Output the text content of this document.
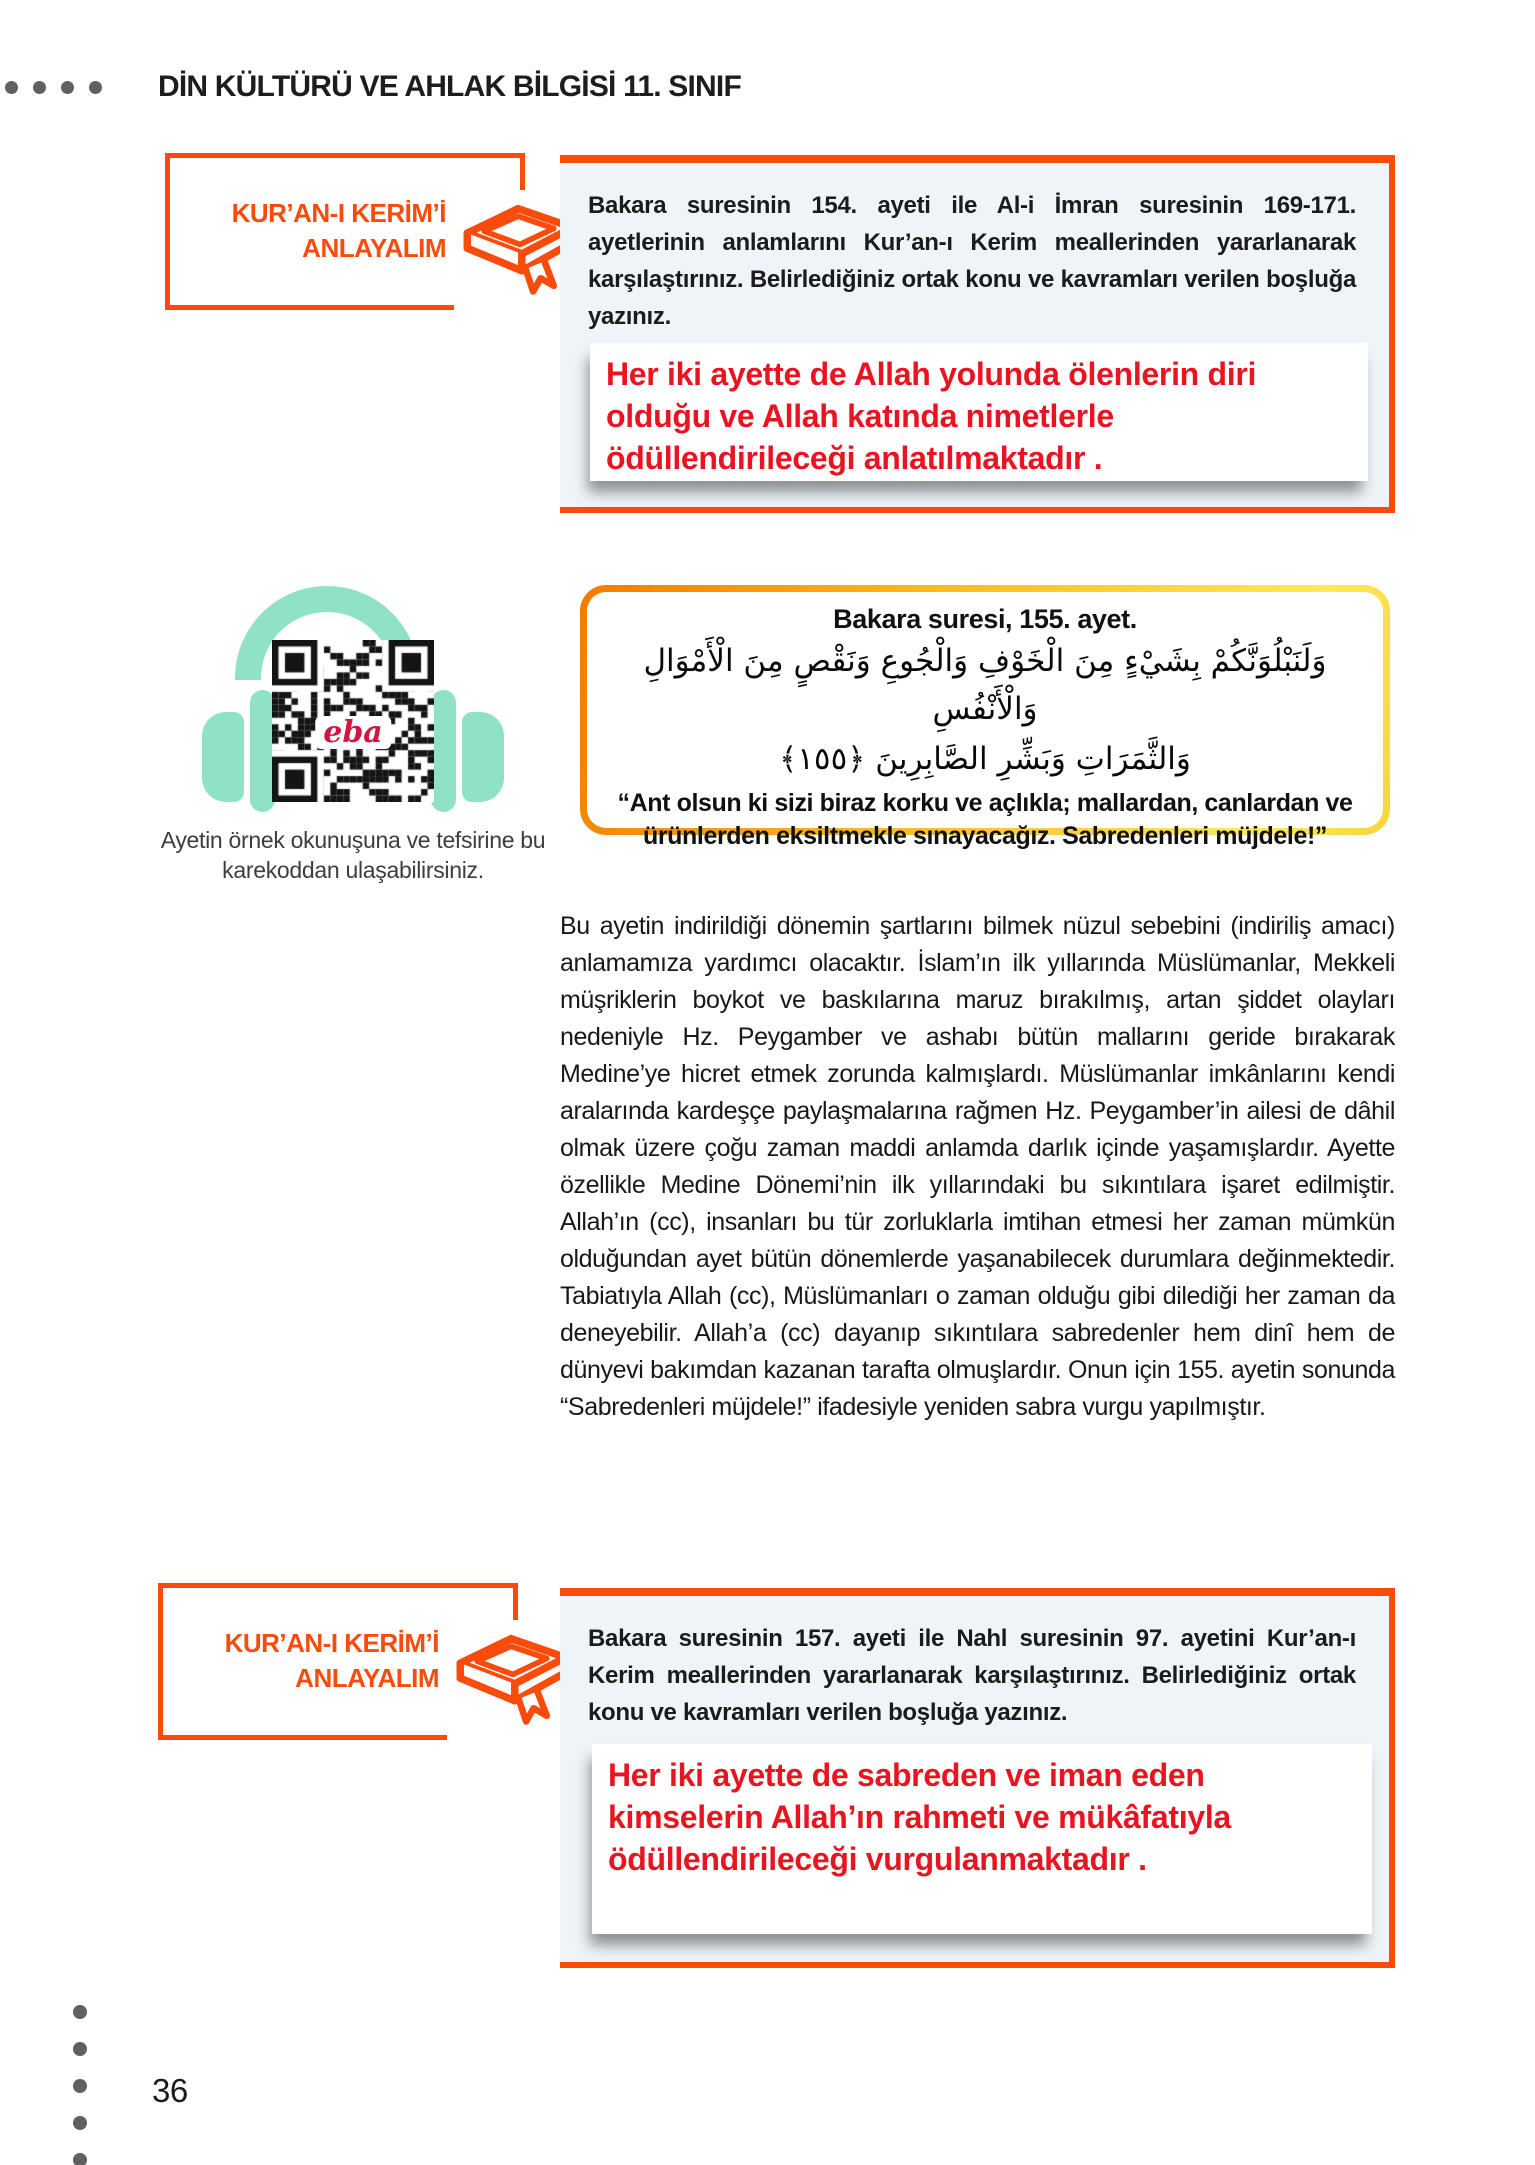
DİN KÜLTÜRÜ VE AHLAK BİLGİSİ 11. SINIF
KUR’AN-I KERİM’İ
ANLAYALIM
Bakara suresinin 154. ayeti ile Al-i İmran suresinin 169-171. ayetlerinin anlamlarını Kur’an-ı Kerim meallerinden yararlanarak karşılaştırınız. Belirlediğiniz ortak konu ve kavramları verilen boşluğa yazınız.
Her iki ayette de Allah yolunda ölenlerin diri olduğu ve Allah katında nimetlerle ödüllendirileceği anlatılmaktadır .
eba
Ayetin örnek okunuşuna ve tefsirine bu karekoddan ulaşabilirsiniz.
Bakara suresi, 155. ayet.
وَلَنَبْلُوَنَّكُمْ بِشَيْءٍ مِنَ الْخَوْفِ وَالْجُوعِ وَنَقْصٍ مِنَ الْأَمْوَالِ وَالْأَنْفُسِ
وَالثَّمَرَاتِ وَبَشِّرِ الصَّابِرِينَ ﴿١٥٥﴾
“Ant olsun ki sizi biraz korku ve açlıkla; mallardan, canlardan ve ürünlerden eksiltmekle sınayacağız. Sabredenleri müjdele!”
Bu ayetin indirildiği dönemin şartlarını bilmek nüzul sebebini (indiriliş amacı) anlamamıza yardımcı olacaktır. İslam’ın ilk yıllarında Müslümanlar, Mekkeli müşriklerin boykot ve baskılarına maruz bırakılmış, artan şiddet olayları nedeniyle Hz. Peygamber ve ashabı bütün mallarını geride bırakarak Medine’ye hicret etmek zorunda kalmışlardı. Müslümanlar imkânlarını kendi aralarında kardeşçe paylaşmalarına rağmen Hz. Peygamber’in ailesi de dâhil olmak üzere çoğu zaman maddi anlamda darlık içinde yaşamışlardır. Ayette özellikle Medine Dönemi’nin ilk yıllarındaki bu sıkıntılara işaret edilmiştir. Allah’ın (cc), insanları bu tür zorluklarla imtihan etmesi her zaman mümkün olduğundan ayet bütün dönemlerde yaşanabilecek durumlara değinmektedir. Tabiatıyla Allah (cc), Müslümanları o zaman olduğu gibi dilediği her zaman da deneyebilir. Allah’a (cc) dayanıp sıkıntılara sabredenler hem dinî hem de dünyevi bakımdan kazanan tarafta olmuşlardır. Onun için 155. ayetin sonunda “Sabredenleri müjdele!” ifadesiyle yeniden sabra vurgu yapılmıştır.
KUR’AN-I KERİM’İ
ANLAYALIM
Bakara suresinin 157. ayeti ile Nahl suresinin 97. ayetini Kur’an-ı Kerim meallerinden yararlanarak karşılaştırınız. Belirlediğiniz ortak konu ve kavramları verilen boşluğa yazınız.
Her iki ayette de sabreden ve iman eden kimselerin Allah’ın rahmeti ve mükâfatıyla ödüllendirileceği vurgulanmaktadır .
36
